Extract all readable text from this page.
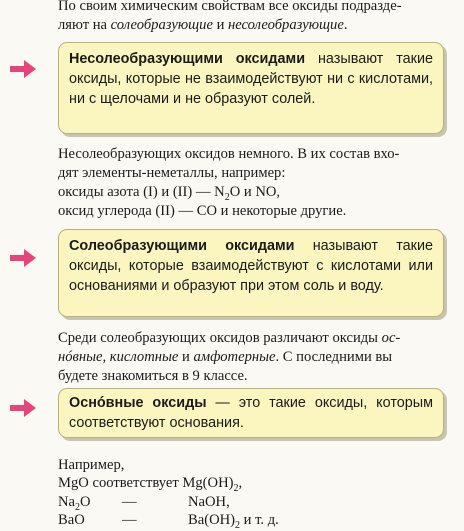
По своим химическим свойствам все оксиды подразде-
ляют на солеобразующие и несолеобразующие.

Несолеобразующими оксидами называют такие оксиды, которые не взаимодействуют ни с кислотами, ни с щелочами и не образуют солей.

Несолеобразующих оксидов немного. В их состав вхо-
дят элементы-неметаллы, например:
оксиды азота (I) и (II) — $N_2O$ и NO,
оксид углерода (II) — CO и некоторые другие.

Солеобразующими оксидами называют такие оксиды, которые взаимодействуют с кислотами или основаниями и образуют при этом соль и воду.

Среди солеобразующих оксидов различают оксиды ос-
нóвные, кислотные и амфотерные. С последними вы
будете знакомиться в 9 классе.

Оснóвные оксиды — это такие оксиды, которым соответствуют основания.
Например,
MgO соответствует $Mg(OH)_2$,
$Na_2O$ —	NaOH,
BaO	—	$Ba(OH)_2$ и т. д.
